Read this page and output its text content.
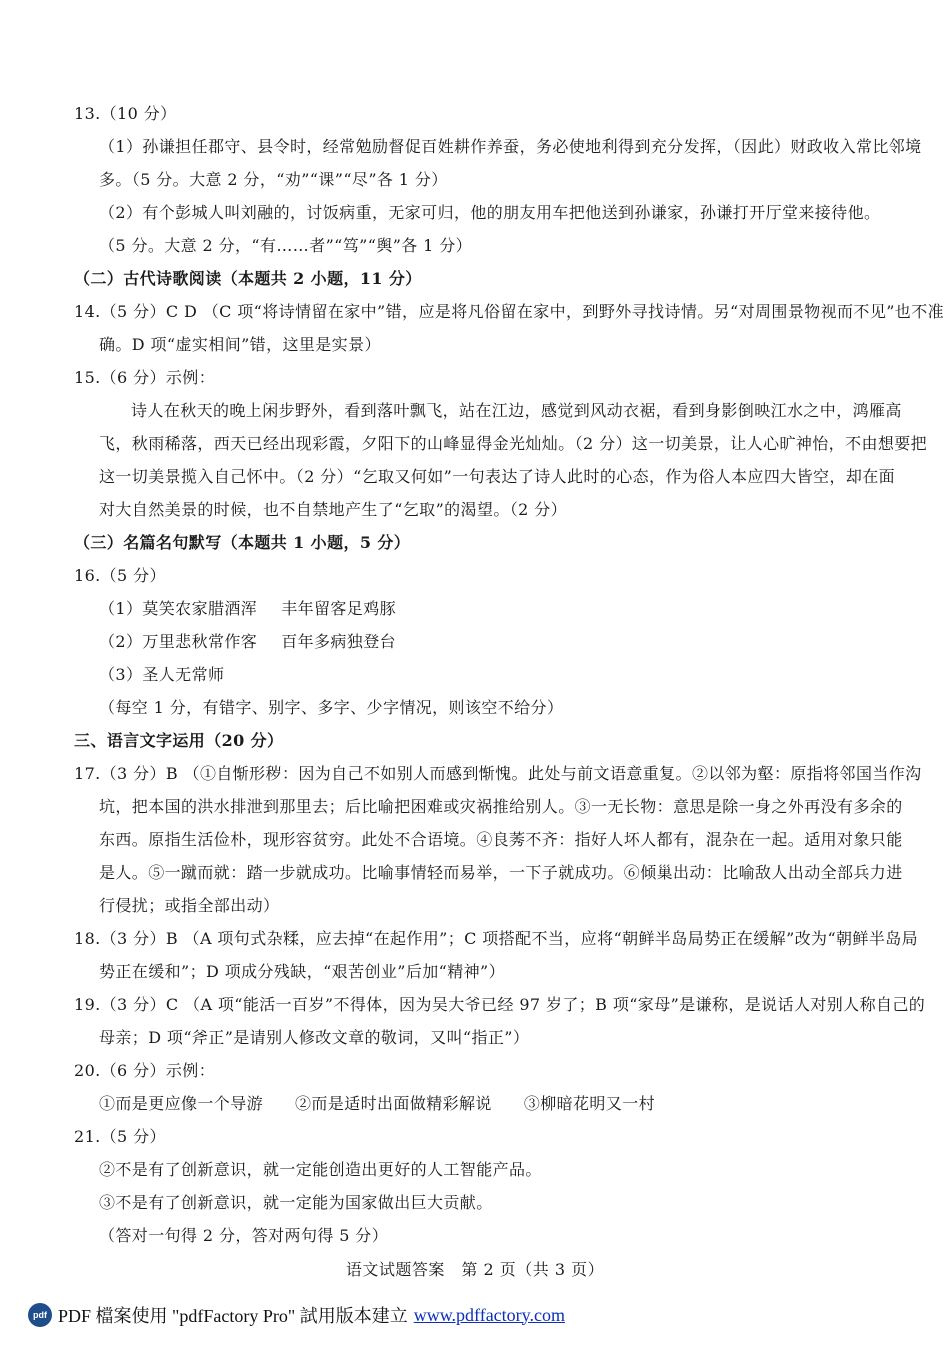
13.（10 分）
（1）孙谦担任郡守、县令时，经常勉励督促百姓耕作养蚕，务必使地利得到充分发挥，（因此）财政收入常比邻境
多。（5 分。大意 2 分，“劝”“课”“尽”各 1 分）
（2）有个彭城人叫刘融的，讨饭病重，无家可归，他的朋友用车把他送到孙谦家，孙谦打开厅堂来接待他。
（5 分。大意 2 分，“有……者”“笃”“舆”各 1 分）
（二）古代诗歌阅读（本题共 2 小题，11 分）
14.（5 分）C D （C 项“将诗情留在家中”错，应是将凡俗留在家中，到野外寻找诗情。另“对周围景物视而不见”也不准
确。D 项“虚实相间”错，这里是实景）
15.（6 分）示例：
诗人在秋天的晚上闲步野外，看到落叶飘飞，站在江边，感觉到风动衣裾，看到身影倒映江水之中，鸿雁高
飞，秋雨稀落，西天已经出现彩霞，夕阳下的山峰显得金光灿灿。（2 分）这一切美景，让人心旷神怡，不由想要把
这一切美景揽入自己怀中。（2 分）“乞取又何如”一句表达了诗人此时的心态，作为俗人本应四大皆空，却在面
对大自然美景的时候，也不自禁地产生了“乞取”的渴望。（2 分）
（三）名篇名句默写（本题共 1 小题，5 分）
16.（5 分）
（1）莫笑农家腊酒浑 丰年留客足鸡豚
（2）万里悲秋常作客 百年多病独登台
（3）圣人无常师
（每空 1 分，有错字、别字、多字、少字情况，则该空不给分）
三、语言文字运用（20 分）
17.（3 分）B （①自惭形秽：因为自己不如别人而感到惭愧。此处与前文语意重复。②以邻为壑：原指将邻国当作沟
坑，把本国的洪水排泄到那里去；后比喻把困难或灾祸推给别人。③一无长物：意思是除一身之外再没有多余的
东西。原指生活俭朴，现形容贫穷。此处不合语境。④良莠不齐：指好人坏人都有，混杂在一起。适用对象只能
是人。⑤一蹴而就：踏一步就成功。比喻事情轻而易举，一下子就成功。⑥倾巢出动：比喻敌人出动全部兵力进
行侵扰；或指全部出动）
18.（3 分）B （A 项句式杂糅，应去掉“在起作用”；C 项搭配不当，应将“朝鲜半岛局势正在缓解”改为“朝鲜半岛局
势正在缓和”；D 项成分残缺，“艰苦创业”后加“精神”）
19.（3 分）C （A 项“能活一百岁”不得体，因为吴大爷已经 97 岁了；B 项“家母”是谦称，是说话人对别人称自己的
母亲；D 项“斧正”是请别人修改文章的敬词，又叫“指正”）
20.（6 分）示例：
①而是更应像一个导游 ②而是适时出面做精彩解说 ③柳暗花明又一村
21.（5 分）
②不是有了创新意识，就一定能创造出更好的人工智能产品。
③不是有了创新意识，就一定能为国家做出巨大贡献。
（答对一句得 2 分，答对两句得 5 分）
语文试题答案　第 2 页（共 3 页）
pdf PDF 檔案使用 "pdfFactory Pro" 試用版本建立 www.pdffactory.com
